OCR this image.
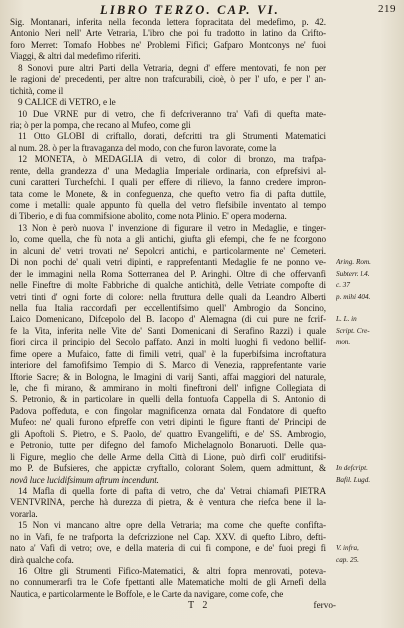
LIBRO TERZO. CAP. VI.	219
Sig. Montanari, inferita nella feconda lettera fopracitata del medefimo, p. 42.
Antonio Neri nell' Arte Vetraria, L'ibro che poi fu tradotto in latino da Crifto-
foro Merret: Tomafo Hobbes ne' Problemi Fifici; Gafparo Montconys ne' fuoi
Viaggi, & altri dal medefimo riferiti.
8 Sonovi pure altri Parti della Vetraria, degni d' effere mentovati, fe non per
le ragioni de' precedenti, per altre non trafcurabili, cioè, ò per l' ufo, e per l' an-
tichità, come il
9 CALICE di VETRO, e le
10 Due VRNE pur di vetro, che fi defcriveranno tra' Vafi di quefta mate-
ria; ò per la pompa, che recano al Mufeo, come gli
11 Otto GLOBI di criftallo, dorati, defcritti tra gli Strumenti Matematici
al num. 28. ò per la ftravaganza del modo, con che furon lavorate, come la
12 MONETA, ò MEDAGLIA di vetro, di color di bronzo, ma trafpa-
rente, della grandezza d' una Medaglia Imperiale ordinaria, con efprefsivi al-
cuni caratteri Turchefchi. I quali per effere di rilievo, la fanno credere impron-
tata come le Monete, & in confeguenza, che quefto vetro fia di pafta duttile,
come i metalli: quale appunto fù quella del vetro flefsibile inventato al tempo
di Tiberio, e di fua commifsione abolito, come nota Plinio. E' opera moderna.
13 Non è però nuova l' invenzione di figurare il vetro in Medaglie, e tinger-
lo, come quella, che fù nota a gli antichi, giufta gli efempi, che fe ne fcorgono
in alcuni de' vetri trovati ne' Sepolcri antichi, e particolarmente ne' Cemeteri.
Di non pochi de' quali vetri dipinti, e rapprefentanti Medaglie fe ne ponno ve- Aring. Rom.
der le immagini nella Roma Sotterranea del P. Aringhi. Oltre di che offervanfi Subterr. l.4.
nelle Fineftre di molte Fabbriche di qualche antichità, delle Vetriate compofte di c. 37
vetri tinti d' ogni forte di colore: nella ftruttura delle quali da Leandro Alberti p. mihi 404.
nella fua Italia raccordafi per eccellentifsimo quell' Ambrogio da Soncino,
Laico Domenicano, Difcepolo del B. Iacopo d' Alemagna (di cui pure ne fcrif- L. L. in
fe la Vita, inferita nelle Vite de' Santi Domenicani di Serafino Razzi) i quale Script. Cre-
fiori circa il principio del Secolo paffato. Anzi in molti luoghi fi vedono bellif- mon.
fime opere a Mufaico, fatte di fimili vetri, qual' è la fuperbifsima incroftatura
interiore del famofifsimo Tempio di S. Marco di Venezia, rapprefentante varie
Iftorie Sacre; & in Bologna, le Imagini di varij Santi, affai maggiori del naturale,
le, che fi mirano, & ammirano in molti fineftroni dell' infigne Collegiata di
S. Petronio, & in particolare in quelli della fontuofa Cappella di S. Antonio di
Padova poffeduta, e con fingolar magnificenza ornata dal Fondatore di quefto
Mufeo: ne' quali furono efpreffe con vetri dipinti le figure ftanti de' Principi de
gli Apoftoli S. Pietro, e S. Paolo, de' quattro Evangelifti, e de' SS. Ambrogio,
e Petronio, tutte per difegno del famofo Michelagnolo Bonaruoti. Delle qua-
li Figure, meglio che delle Arme della Città di Lione, può dirfi coll' eruditifsi-
mo P. de Bufsieres, che appictæ cryftallo, colorant Solem, quem admittunt, & In defcript.
novâ luce lucidifsimum aftrum incendunt.	Bafil. Lugd.
14 Mafla di quella forte di pafta di vetro, che da' Vetrai chiamafi PIETRA
VENTVRINA, perche hà durezza di pietra, & è ventura che riefca bene il la-
vorarla.
15 Non vi mancano altre opre della Vetraria; ma come che quefte confifta-
no in Vafi, fe ne trafporta la defcrizzione nel Cap. XXV. di quefto Libro, defti-
nato a' Vafi di vetro; ove, e della materia di cui fi compone, e de' fuoi pregi fi V. infra,
dirà qualche cofa.	cap. 25.
16 Oltre gli Strumenti Fifico-Matematici, & altri fopra menrovati, poteva-
no connumerarfi tra le Cofe fpettanti alle Matematiche molti de gli Arnefi della
Nautica, e particolarmente le Boffole, e le Carte da navigare, come cofe, che
T 2	fervo-
